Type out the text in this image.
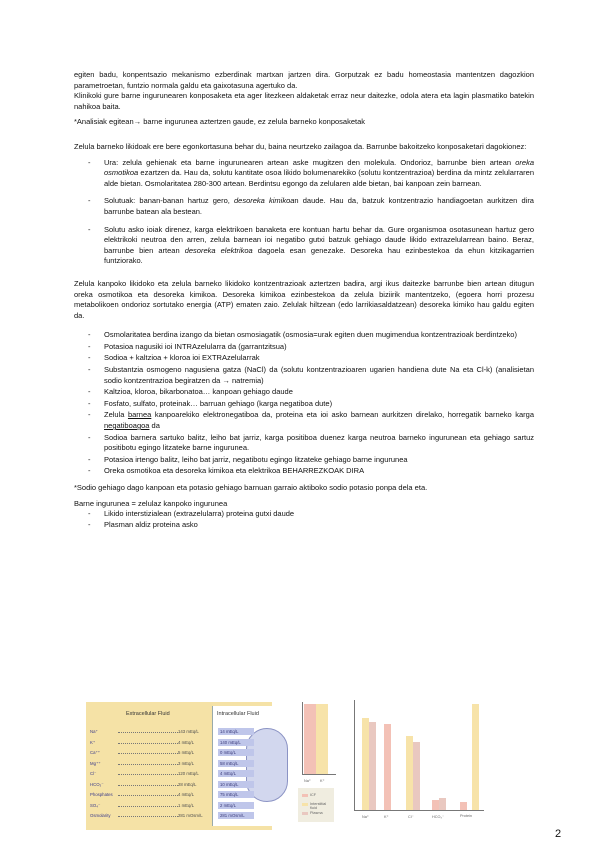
egiten badu, konpentsazio mekanismo ezberdinak martxan jartzen dira. Gorputzak ez badu homeostasia mantentzen dagozkion parametroetan, funtzio normala galdu eta gaixotasuna agertuko da.

Klinikoki gure barne ingurunearen konposaketa eta ager litezkeen aldaketak erraz neur daitezke, odola atera eta lagin plasmatiko batekin nahikoa baita.

*Analisiak egitean→ barne ingurunea aztertzen gaude, ez zelula barneko konposaketak

Zelula barneko likidoak ere bere egonkortasuna behar du, baina neurtzeko zailagoa da. Barrunbe bakoitzeko konposaketari dagokionez:

- Ura: zelula gehienak eta barne ingurunearen artean aske mugitzen den molekula. Ondorioz, barrunbe bien artean oreka osmotikoa ezartzen da. Hau da, solutu kantitate osoa likido bolumenarekiko (solutu kontzentrazioa) berdina da mintz zelularraren alde bietan. Osmolaritatea 280-300 artean. Berdintsu egongo da zelularen alde bietan, bai kanpoan zein barnean.
- Solutuak: banan-banan hartuz gero, desoreka kimikoan daude. Hau da, batzuk kontzentrazio handiagoetan aurkitzen dira barrunbe batean ala bestean.
- Solutu asko ioiak direnez, karga elektrikoen banaketa ere kontuan hartu behar da. Gure organismoa osotasunean hartuz gero elektrikoki neutroa den arren, zelula barnean ioi negatibo gutxi batzuk gehiago daude likido extrazelularrean baino. Beraz, barrunbe bien artean desoreka elektrikoa dagoela esan genezake. Desoreka hau ezinbestekoa da ehun kitzikagarrien funtziorako.

Zelula kanpoko likidoko eta zelula barneko likidoko kontzentrazioak aztertzen badira, argi ikus daitezke barrunbe bien artean ditugun oreka osmotikoa eta desoreka kimikoa. Desoreka kimikoa ezinbestekoa da zelula biziirik mantentzeko, (egoera horri prozesu metabolikoen ondorioz sortutako energia (ATP) ematen zaio. Zelulak hiltzean (edo larrikiasaldatzean) desoreka kimiko hau galdu egiten da.

- Osmolaritatea berdina izango da bietan osmosiagatik (osmosia=urak egiten duen mugimendua kontzentrazioak berdintzeko)
- Potasioa nagusiki ioi INTRAzelularra da (garrantzitsua)
- Sodioa + kaltzioa + kloroa ioi EXTRAzelularrak
- Substantzia osmogeno nagusiena gatza (NaCl) da (solutu kontzentrazioaren ugarien handiena dute Na eta Cl-k) (analisietan sodio kontzentrazioa begiratzen da → natremia)
- Kaltzioa, kloroa, bikarbonatoa… kanpoan gehiago daude
- Fosfato, sulfato, proteinak… barruan gehiago (karga negatiboa dute)
- Zelula barnea kanpoarekiko elektronegatiboa da, proteina eta ioi asko barnean aurkitzen direlako, horregatik barneko karga negatiboagoa da
- Sodioa barnera sartuko balitz, leiho bat jarriz, karga positiboa duenez karga neutroa barneko ingurunean eta gehiago sartuz positibotu egingo litzateke barne ingurunea.
- Potasioa irtengo balitz, leiho bat jarriz, negatibotu egingo litzateke gehiago barne ingurunea
- Oreka osmotikoa eta desoreka kimikoa eta elektrikoa BEHARREZKOAK DIRA

*Sodio gehiago dago kanpoan eta potasio gehiago barnuan garraio aktiboko sodio potasio ponpa dela eta.

Barne ingurunea = zelulaz kanpoko ingurunea

- Likido interstizialean (extrazelularra) proteina gutxi daude
- Plasman aldiz proteina asko
Extracellular Fluid	Intracellular Fluid
Na⁺	143 mEq/L	14 mEq/L
K⁺	4 mEq/L	140 mEq/L
Ca⁺⁺	5 mEq/L	0 mEq/L
Mg⁺⁺	3 mEq/L	58 mEq/L
Cl⁻	120 mEq/L	4 mEq/L
HCO₃⁻	28 mEq/L	10 mEq/L
Phosphates	4 mEq/L	75 mEq/L
SO₄⁻	1 mEq/L	2 mEq/L
Osmolarity	281 mOsm/L	281 mOsm/L
Na⁺ K⁺
Na⁺	K⁺	Cl⁻	HCO₃⁻	Protein
ICF
Interstitial fluid
Plasma
2
